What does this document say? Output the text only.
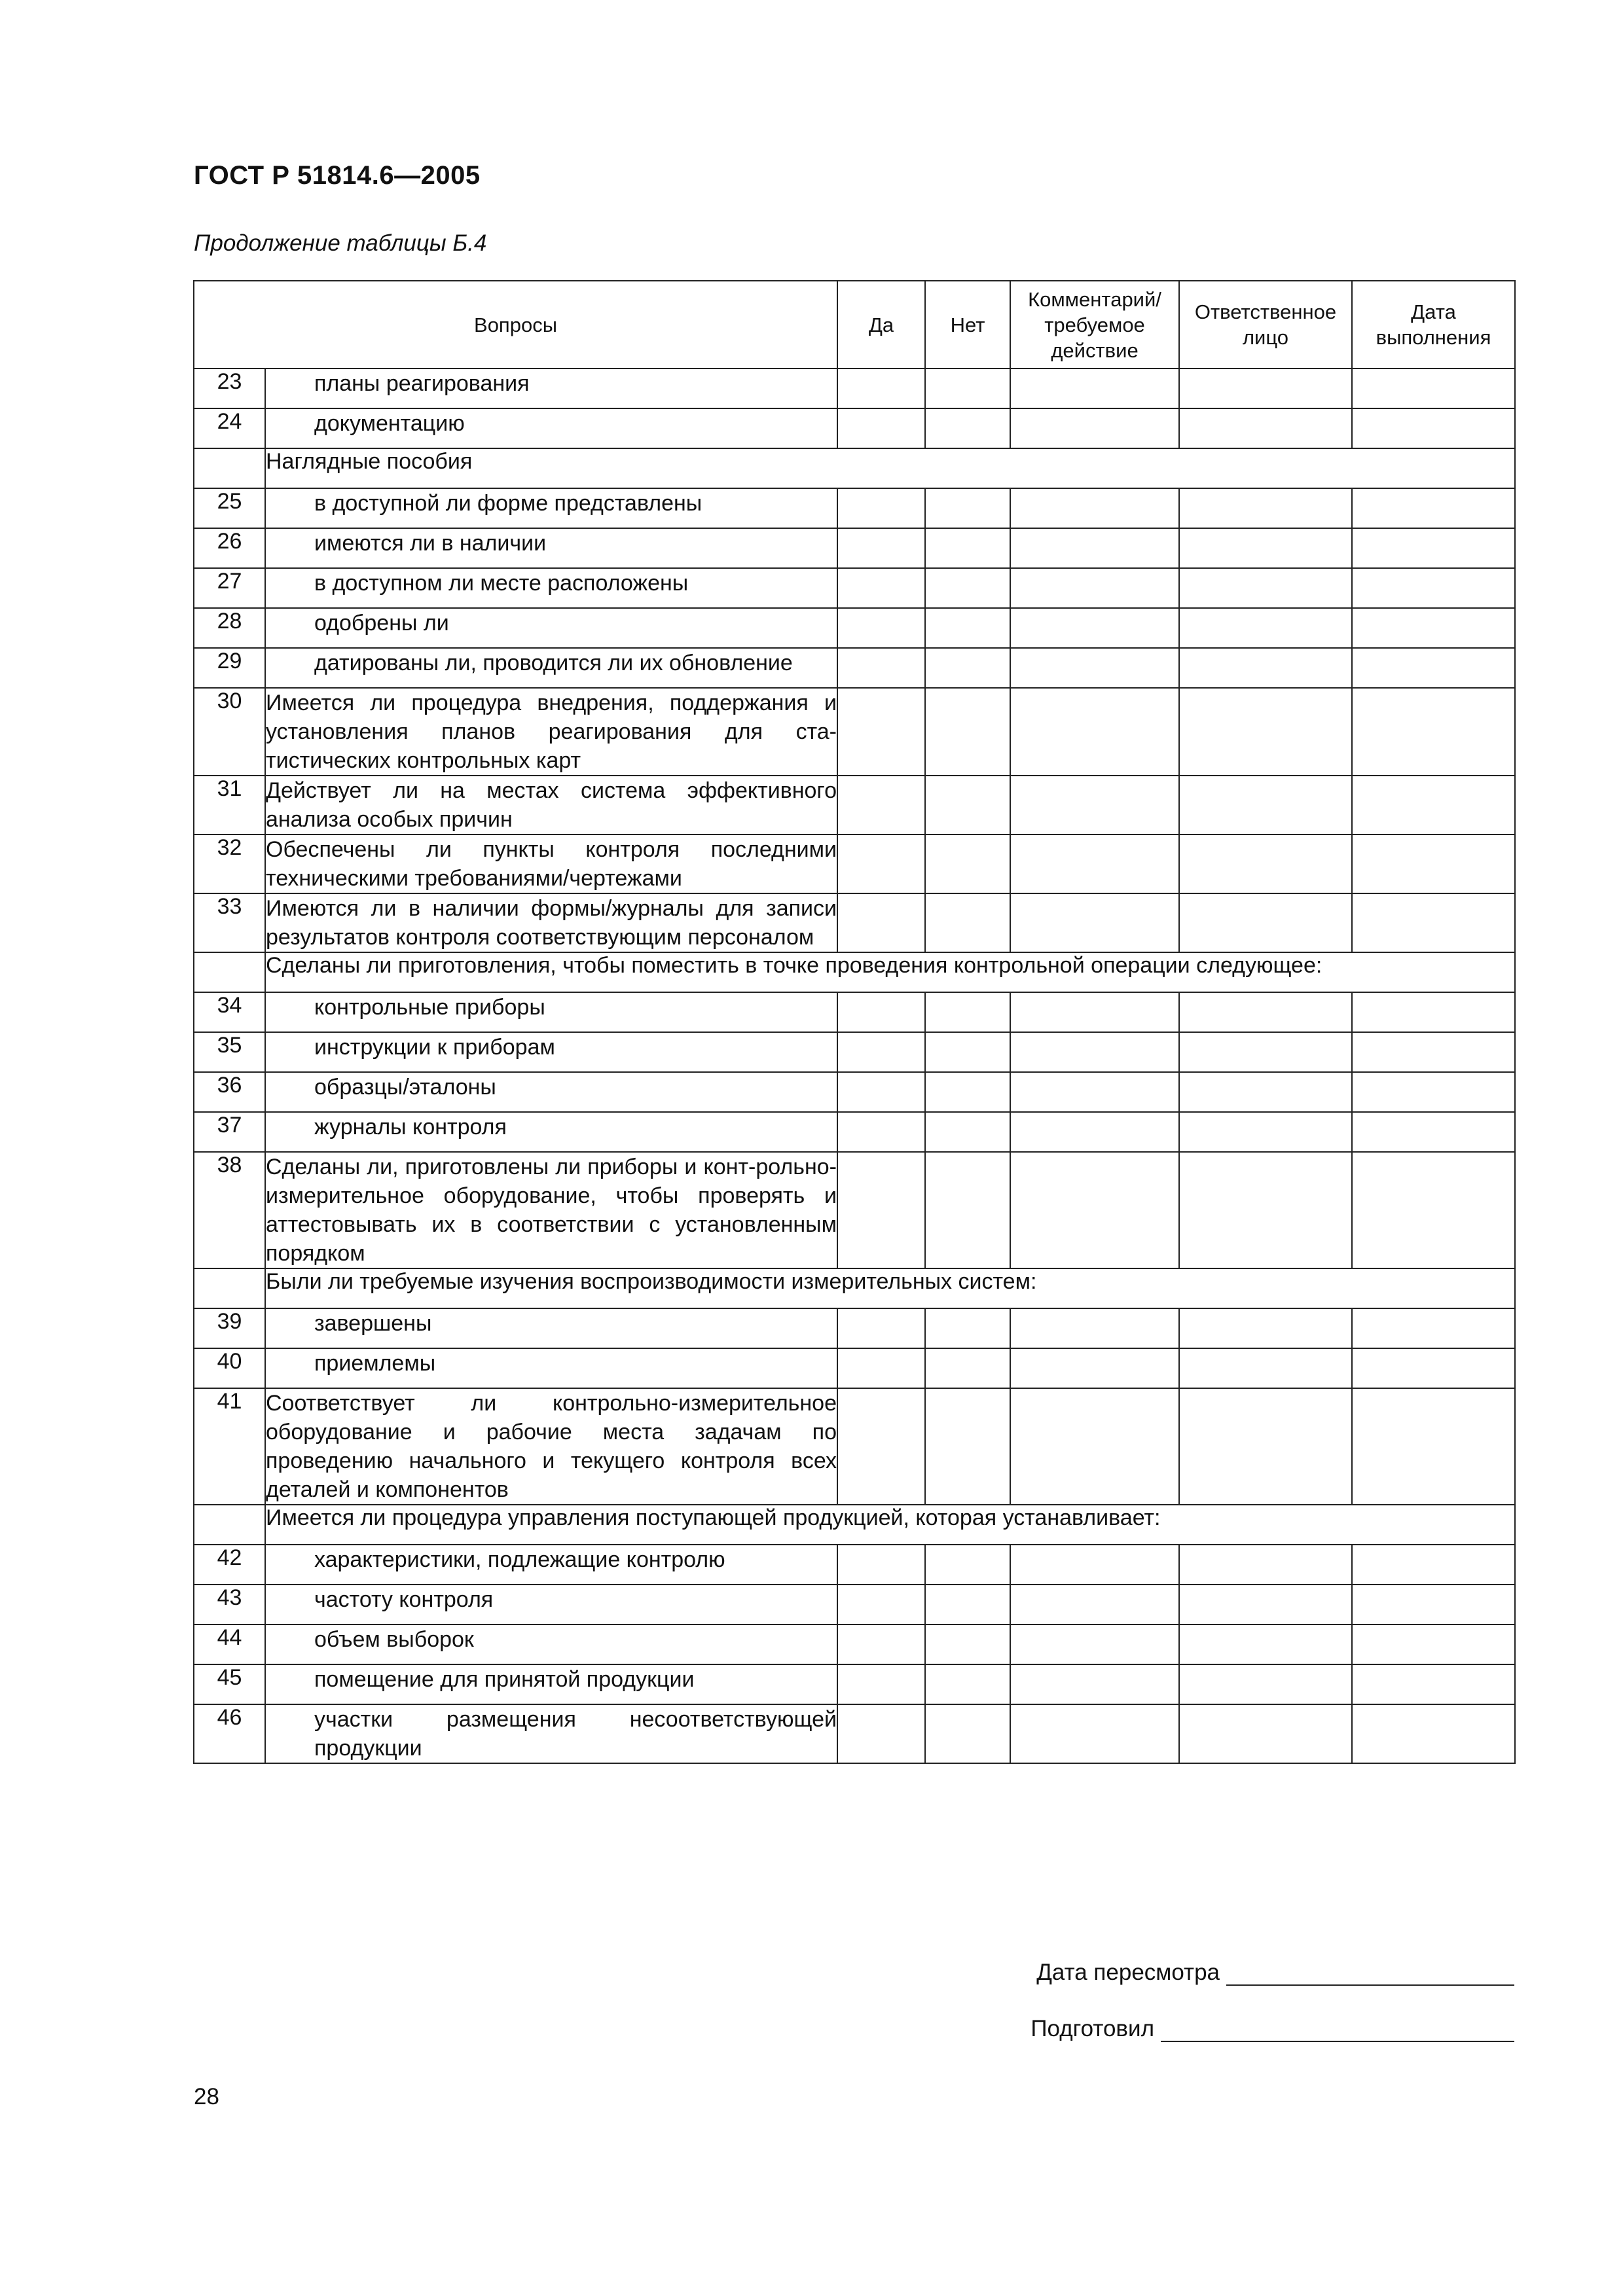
ГОСТ Р 51814.6—2005
Продолжение таблицы Б.4
Вопросы		Да	Нет	Комментарий/ требуемое действие	Ответственное лицо	Дата выполнения
23	планы реагирования					
24	документацию					
	Наглядные пособия					
25	в доступной ли форме представлены					
26	имеются ли в наличии					
27	в доступном ли месте расположены					
28	одобрены ли					
29	датированы ли, проводится ли их обновление					
30	Имеется ли процедура внедрения, поддержания и установления планов реагирования для ста-тистических контрольных карт					
31	Действует ли на местах система эффективного анализа особых причин					
32	Обеспечены ли пункты контроля последними техническими требованиями/чертежами					
33	Имеются ли в наличии формы/журналы для записи результатов контроля соответствующим персоналом					
	Сделаны ли приготовления, чтобы поместить в точке проведения контрольной операции следующее:					
34	контрольные приборы					
35	инструкции к приборам					
36	образцы/эталоны					
37	журналы контроля					
38	Сделаны ли, приготовлены ли приборы и конт-рольно-измерительное оборудование, чтобы проверять и аттестовывать их в соответствии с установленным порядком					
	Были ли требуемые изучения воспроизводимости измерительных систем:					
39	завершены					
40	приемлемы					
41	Соответствует ли контрольно-измерительное оборудование и рабочие места задачам по проведению начального и текущего контроля всех деталей и компонентов					
	Имеется ли процедура управления поступающей продукцией, которая устанавливает:					
42	характеристики, подлежащие контролю					
43	частоту контроля					
44	объем выборок					
45	помещение для принятой продукции					
46	участки размещения несоответствующей продукции					
Дата пересмотра
Подготовил
28
